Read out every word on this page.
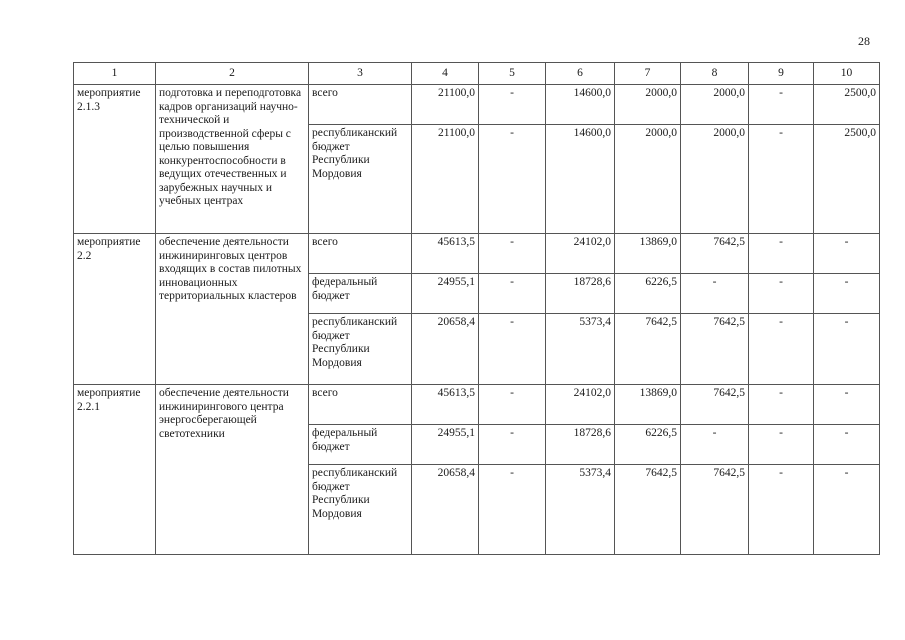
28
1	2	3	4	5	6	7	8	9	10
мероприятие 2.1.3	подготовка и переподготовка кадров организаций научно-технической и производственной сферы с целью повышения конкурентоспособности в ведущих отечественных и зарубежных научных и учебных центрах	всего	21100,0	-	14600,0	2000,0	2000,0	-	2500,0
		республиканский бюджет Республики Мордовия	21100,0	-	14600,0	2000,0	2000,0	-	2500,0
мероприятие 2.2	обеспечение деятельности инжиниринговых центров входящих в состав пилотных инновационных территориальных кластеров	всего	45613,5	-	24102,0	13869,0	7642,5	-	-
		федеральный бюджет	24955,1	-	18728,6	6226,5	-	-	-
		республиканский бюджет Республики Мордовия	20658,4	-	5373,4	7642,5	7642,5	-	-
мероприятие 2.2.1	обеспечение деятельности инжинирингового центра энергосберегающей светотехники	всего	45613,5	-	24102,0	13869,0	7642,5	-	-
		федеральный бюджет	24955,1	-	18728,6	6226,5	-	-	-
		республиканский бюджет Республики Мордовия	20658,4	-	5373,4	7642,5	7642,5	-	-
